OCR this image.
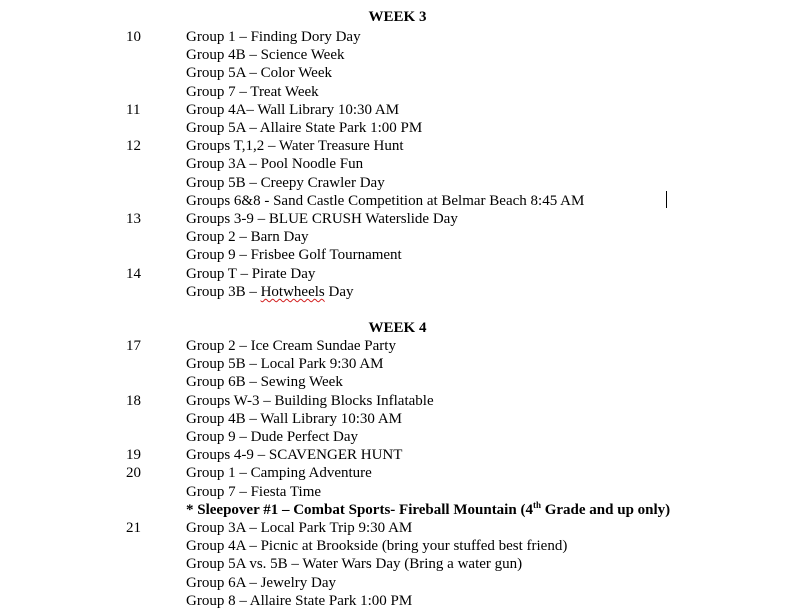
WEEK 3
10	Group 1 – Finding Dory Day
Group 4B – Science Week
Group 5A – Color Week
Group 7 – Treat Week
11	Group 4A– Wall Library 10:30 AM
Group 5A – Allaire State Park 1:00 PM
12	Groups T,1,2 – Water Treasure Hunt
Group 3A – Pool Noodle Fun
Group 5B – Creepy Crawler Day
Groups 6&8 - Sand Castle Competition at Belmar Beach 8:45 AM
13	Groups 3-9 – BLUE CRUSH Waterslide Day
Group 2 – Barn Day
Group 9 – Frisbee Golf Tournament
14	Group T – Pirate Day
Group 3B – Hotwheels Day
WEEK 4
17	Group 2 – Ice Cream Sundae Party
Group 5B – Local Park 9:30 AM
Group 6B – Sewing Week
18	Groups W-3 – Building Blocks Inflatable
Group 4B – Wall Library 10:30 AM
Group 9 – Dude Perfect Day
19	Groups 4-9 – SCAVENGER HUNT
20	Group 1 – Camping Adventure
Group 7 – Fiesta Time
* Sleepover #1 – Combat Sports- Fireball Mountain (4th Grade and up only)
21	Group 3A – Local Park Trip 9:30 AM
Group 4A – Picnic at Brookside (bring your stuffed best friend)
Group 5A vs. 5B – Water Wars Day (Bring a water gun)
Group 6A – Jewelry Day
Group 8 – Allaire State Park 1:00 PM
